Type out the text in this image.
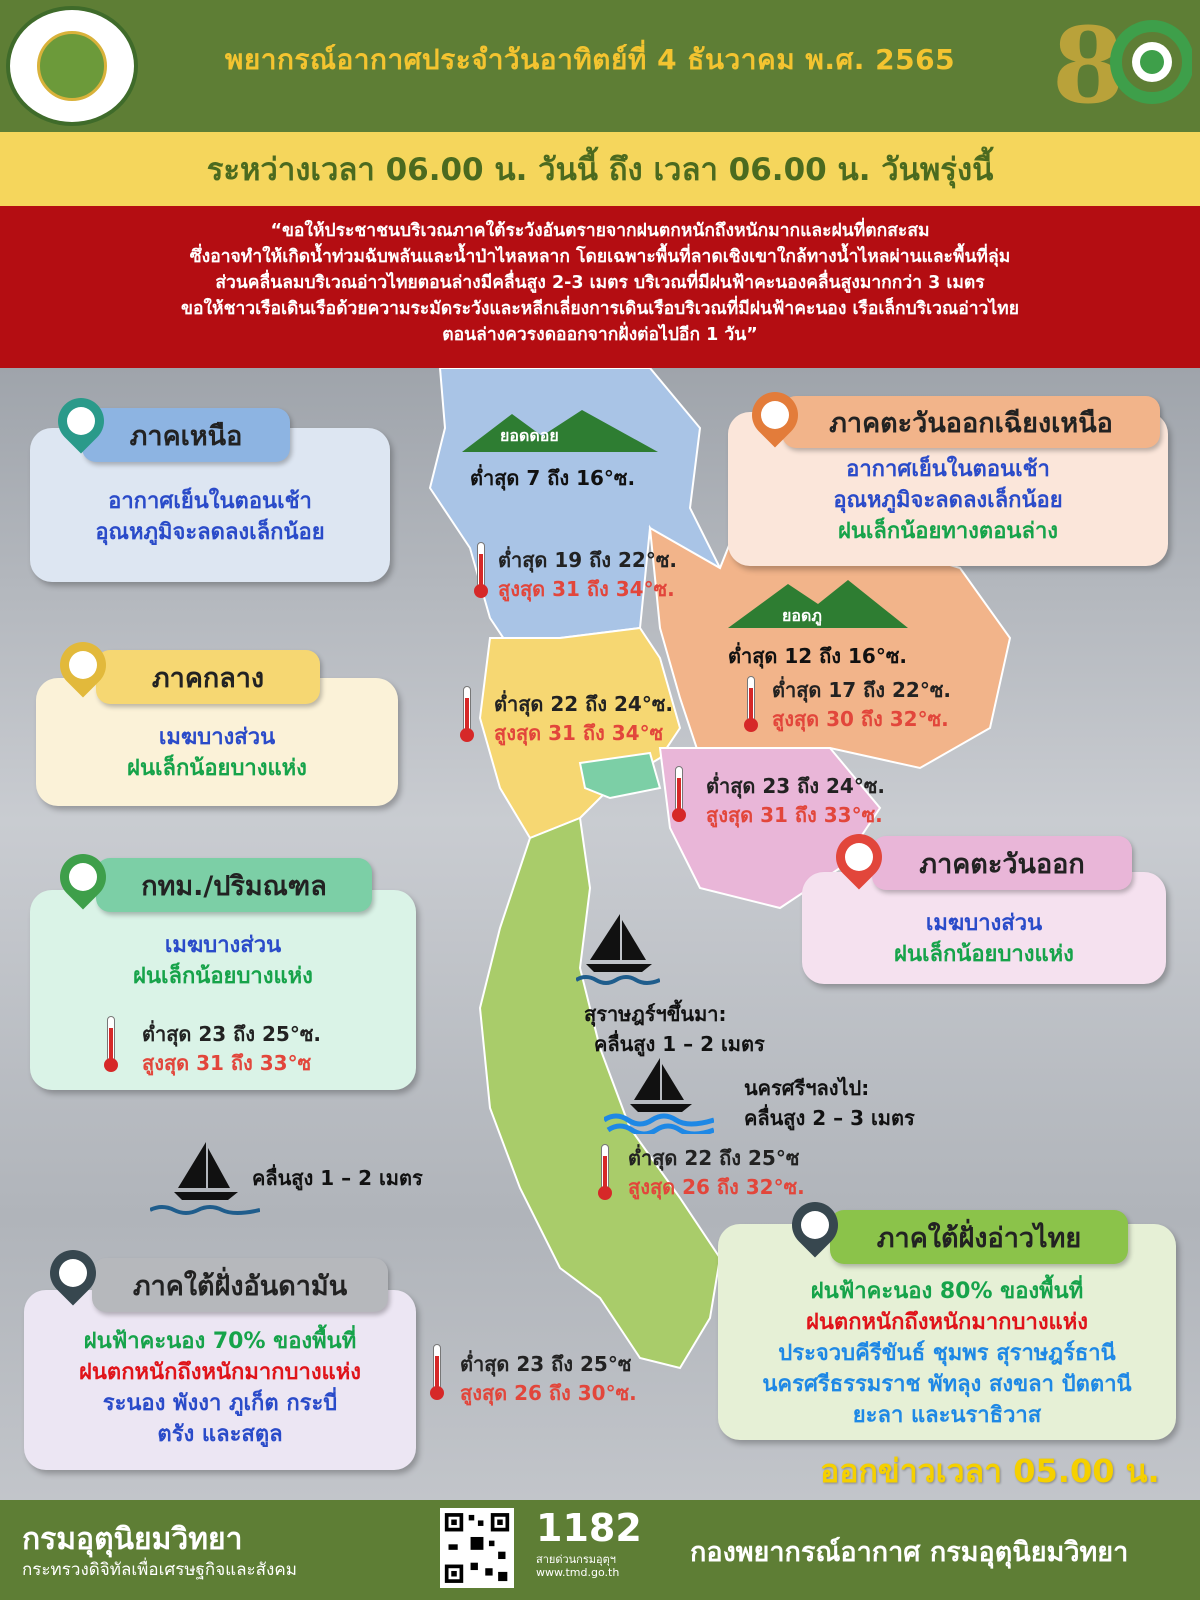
8
พยากรณ์อากาศประจำวันอาทิตย์ที่ 4 ธันวาคม พ.ศ. 2565
ระหว่างเวลา 06.00 น. วันนี้ ถึง เวลา 06.00 น. วันพรุ่งนี้
“ขอให้ประชาชนบริเวณภาคใต้ระวังอันตรายจากฝนตกหนักถึงหนักมากและฝนที่ตกสะสม
ซึ่งอาจทำให้เกิดน้ำท่วมฉับพลันและน้ำป่าไหลหลาก โดยเฉพาะพื้นที่ลาดเชิงเขาใกล้ทางน้ำไหลผ่านและพื้นที่ลุ่ม
ส่วนคลื่นลมบริเวณอ่าวไทยตอนล่างมีคลื่นสูง 2-3 เมตร บริเวณที่มีฝนฟ้าคะนองคลื่นสูงมากกว่า 3 เมตร
ขอให้ชาวเรือเดินเรือด้วยความระมัดระวังและหลีกเลี่ยงการเดินเรือบริเวณที่มีฝนฟ้าคะนอง เรือเล็กบริเวณอ่าวไทย
ตอนล่างควรงดออกจากฝั่งต่อไปอีก 1 วัน”
ยอดดอย
ต่ำสุด 7 ถึง 16°ซ.
ยอดภู
ต่ำสุด 12 ถึง 16°ซ.
ต่ำสุด 19 ถึง 22°ซ.
สูงสุด 31 ถึง 34°ซ.
ต่ำสุด 22 ถึง 24°ซ.
สูงสุด 31 ถึง 34°ซ
ต่ำสุด 17 ถึง 22°ซ.
สูงสุด 30 ถึง 32°ซ.
ต่ำสุด 23 ถึง 24°ซ.
สูงสุด 31 ถึง 33°ซ.
ต่ำสุด 22 ถึง 25°ซ
สูงสุด 26 ถึง 32°ซ.
ต่ำสุด 23 ถึง 25°ซ
สูงสุด 26 ถึง 30°ซ.
สุราษฎร์ฯขึ้นมา:
คลื่นสูง 1 – 2 เมตร
นครศรีฯลงไป:
คลื่นสูง 2 – 3 เมตร
คลื่นสูง 1 – 2 เมตร
อากาศเย็นในตอนเช้า
อุณหภูมิจะลดลงเล็กน้อย
ภาคเหนือ
อากาศเย็นในตอนเช้า
อุณหภูมิจะลดลงเล็กน้อย
ฝนเล็กน้อยทางตอนล่าง
ภาคตะวันออกเฉียงเหนือ
เมฆบางส่วน
ฝนเล็กน้อยบางแห่ง
ภาคกลาง
เมฆบางส่วน
ฝนเล็กน้อยบางแห่ง
กทม./ปริมณฑล
ต่ำสุด 23 ถึง 25°ซ.
สูงสุด 31 ถึง 33°ซ
เมฆบางส่วน
ฝนเล็กน้อยบางแห่ง
ภาคตะวันออก
ฝนฟ้าคะนอง 80% ของพื้นที่
ฝนตกหนักถึงหนักมากบางแห่ง
ประจวบคีรีขันธ์ ชุมพร สุราษฎร์ธานี
นครศรีธรรมราช พัทลุง สงขลา ปัตตานี
ยะลา และนราธิวาส
ภาคใต้ฝั่งอ่าวไทย
ฝนฟ้าคะนอง 70% ของพื้นที่
ฝนตกหนักถึงหนักมากบางแห่ง
ระนอง พังงา ภูเก็ต กระบี่
ตรัง และสตูล
ภาคใต้ฝั่งอันดามัน
ออกข่าวเวลา 05.00 น.
กรมอุตุนิยมวิทยา
กระทรวงดิจิทัลเพื่อเศรษฐกิจและสังคม
1182
สายด่วนกรมอุตุฯ
www.tmd.go.th
กองพยากรณ์อากาศ กรมอุตุนิยมวิทยา
